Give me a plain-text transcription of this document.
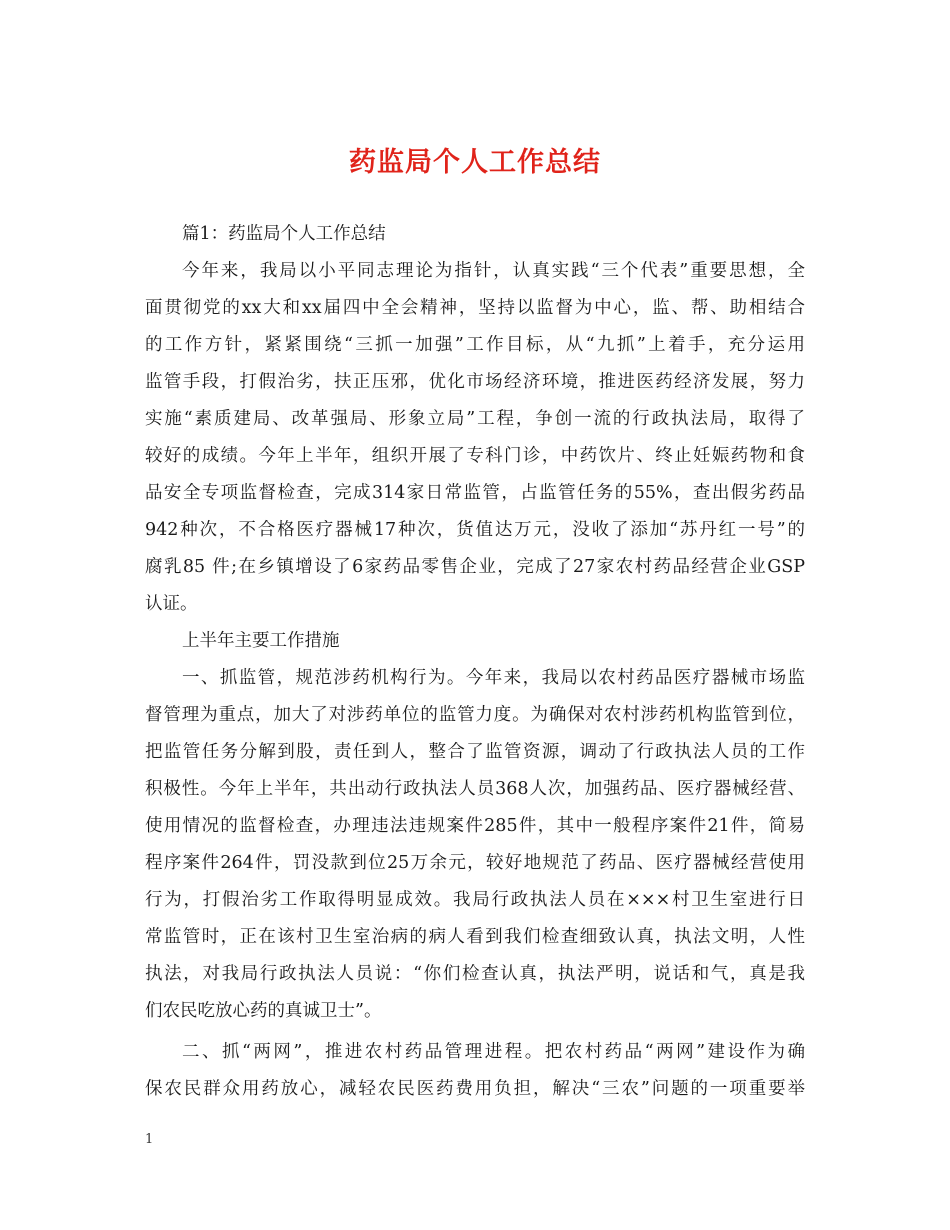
药监局个人工作总结
篇1：药监局个人工作总结
今年来，我局以小平同志理论为指针，认真实践“三个代表”重要思想，全
面贯彻党的xx大和xx届四中全会精神，坚持以监督为中心，监、帮、助相结合
的工作方针，紧紧围绕“三抓一加强”工作目标，从“九抓”上着手，充分运用
监管手段，打假治劣，扶正压邪，优化市场经济环境，推进医药经济发展，努力
实施“素质建局、改革强局、形象立局”工程，争创一流的行政执法局，取得了
较好的成绩。今年上半年，组织开展了专科门诊，中药饮片、终止妊娠药物和食
品安全专项监督检查，完成314家日常监管，占监管任务的55%，查出假劣药品
942种次，不合格医疗器械17种次，货值达万元，没收了添加“苏丹红一号”的
腐乳85 件;在乡镇增设了6家药品零售企业，完成了27家农村药品经营企业GSP
认证。
上半年主要工作措施
一、抓监管，规范涉药机构行为。今年来，我局以农村药品医疗器械市场监
督管理为重点，加大了对涉药单位的监管力度。为确保对农村涉药机构监管到位，
把监管任务分解到股，责任到人，整合了监管资源，调动了行政执法人员的工作
积极性。今年上半年，共出动行政执法人员368人次，加强药品、医疗器械经营、
使用情况的监督检查，办理违法违规案件285件，其中一般程序案件21件，简易
程序案件264件，罚没款到位25万余元，较好地规范了药品、医疗器械经营使用
行为，打假治劣工作取得明显成效。我局行政执法人员在×××村卫生室进行日
常监管时，正在该村卫生室治病的病人看到我们检查细致认真，执法文明，人性
执法，对我局行政执法人员说：“你们检查认真，执法严明，说话和气，真是我
们农民吃放心药的真诚卫士”。
二、抓“两网”，推进农村药品管理进程。把农村药品“两网”建设作为确
保农民群众用药放心，减轻农民医药费用负担，解决“三农”问题的一项重要举
1
